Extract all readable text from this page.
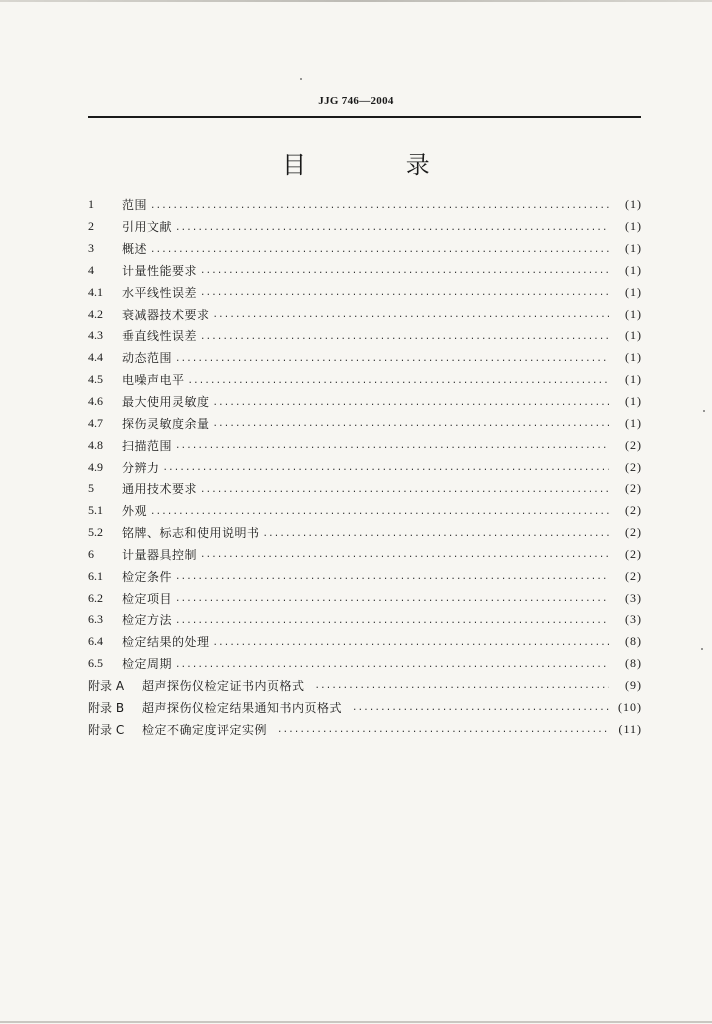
JJG 746—2004
目 录
1	范围 .....	(1)
2	引用文献 .....	(1)
3	概述 .....	(1)
4	计量性能要求 .....	(1)
4.1	水平线性误差 .....	(1)
4.2	衰减器技术要求 .....	(1)
4.3	垂直线性误差 .....	(1)
4.4	动态范围 .....	(1)
4.5	电噪声电平 .....	(1)
4.6	最大使用灵敏度 .....	(1)
4.7	探伤灵敏度余量 .....	(1)
4.8	扫描范围 .....	(2)
4.9	分辨力 .....	(2)
5	通用技术要求 .....	(2)
5.1	外观 .....	(2)
5.2	铭牌、标志和使用说明书 .....	(2)
6	计量器具控制 .....	(2)
6.1	检定条件 .....	(2)
6.2	检定项目 .....	(3)
6.3	检定方法 .....	(3)
6.4	检定结果的处理 .....	(8)
6.5	检定周期 .....	(8)
附录 A	超声探伤仪检定证书内页格式 .....	(9)
附录 B	超声探伤仪检定结果通知书内页格式 .....	(10)
附录 C	检定不确定度评定实例 .....	(11)
